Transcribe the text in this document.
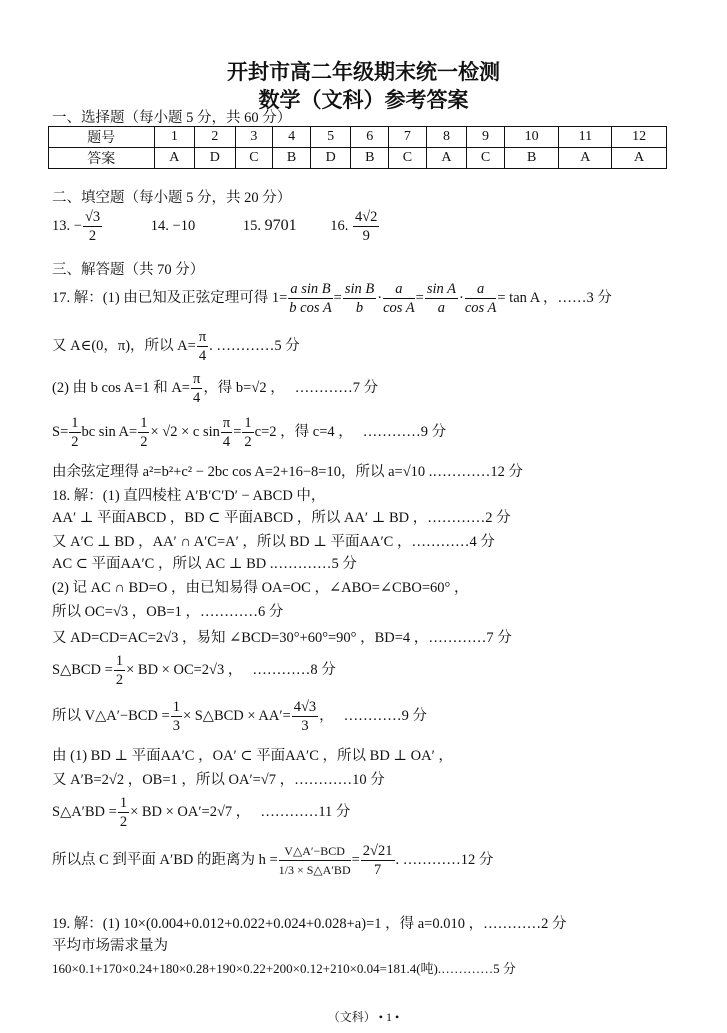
开封市高二年级期末统一检测
数学（文科）参考答案
一、选择题（每小题 5 分，共 60 分）
题号	1	2	3	4	5	6	7	8	9	10	11	12
答案	A	D	C	B	D	B	C	A	C	B	A	A
二、填空题（每小题 5 分，共 20 分）
13. − $\frac{√3}{2}$	14. −10	15. 9701 16. $\frac{4√2}{9}$
三、解答题（共 70 分）
17. 解：(1) 由已知及正弦定理可得 $1= \frac{\text{a sin B}}{\text{b cos A}} = \frac{\text{sin B}}{b} \cdot \frac{a}{\text{cos A}} = \frac{\text{sin A}}{a} \cdot \frac{a}{\text{cos A}} = \tan A$ ，……3 分
又 A∈(0，π)，所以 $A= \frac{\pi}{4}$ . …………5 分
(2) 由 b cos A=1 和 $A= \frac{\pi}{4}$ ，得 b=√2 ， …………7 分
$S= \frac{1}{2}$ bc $\sin A= \frac{1}{2} \times √2 \times c$ $\sin \frac{\pi}{4} = \frac{1}{2} c=2$ ，得 c=4 ， …………9 分
由余弦定理得 a²=b²+c² − 2bc cos A=2+16−8=10，所以 a=√10 .…………12 分
18. 解：(1) 直四棱柱 A′B′C′D′ − ABCD 中，
AA′ ⊥ 平面ABCD ，BD ⊂ 平面ABCD ，所以 AA′ ⊥ BD ，…………2 分
又 A′C ⊥ BD ，AA′ ∩ A′C=A′ ，所以 BD ⊥ 平面AA′C ，…………4 分
AC ⊂ 平面AA′C ，所以 AC ⊥ BD .…………5 分
(2) 记 AC ∩ BD=O ，由已知易得 OA=OC ，∠ABO=∠CBO=60° ，
所以 OC=√3 ，OB=1 ，…………6 分
又 AD=CD=AC=2√3 ，易知 ∠BCD=30°+60°=90° ，BD=4 ，…………7 分
S△BCD = $\frac{1}{2}$ × BD × OC=2√3 ， …………8 分
所以 V△A′−BCD = $\frac{1}{3}$ × S△BCD × $AA'= \frac{4√3}{3}$ ， …………9 分
由 (1) BD ⊥ 平面AA′C ，OA′ ⊂ 平面AA′C ，所以 BD ⊥ OA′ ，
又 A′B=2√2 ，OB=1 ，所以 OA′=√7 ，…………10 分
S△A′BD = $\frac{1}{2}$ × BD × OA′=2√7 ， …………11 分
所以点 C 到平面 A′BD 的距离为 $h = \frac{\text{V△A′−BCD}}{1/3 \times S\triangle A'BD} = \frac{2√21}{7}$ . …………12 分
19. 解：(1) 10×(0.004+0.012+0.022+0.024+0.028+a)=1 ，得 a=0.010 ，…………2 分
平均市场需求量为
160×0.1+170×0.24+180×0.28+190×0.22+200×0.12+210×0.04=181.4(吨).…………5 分
（文科） • 1 •
